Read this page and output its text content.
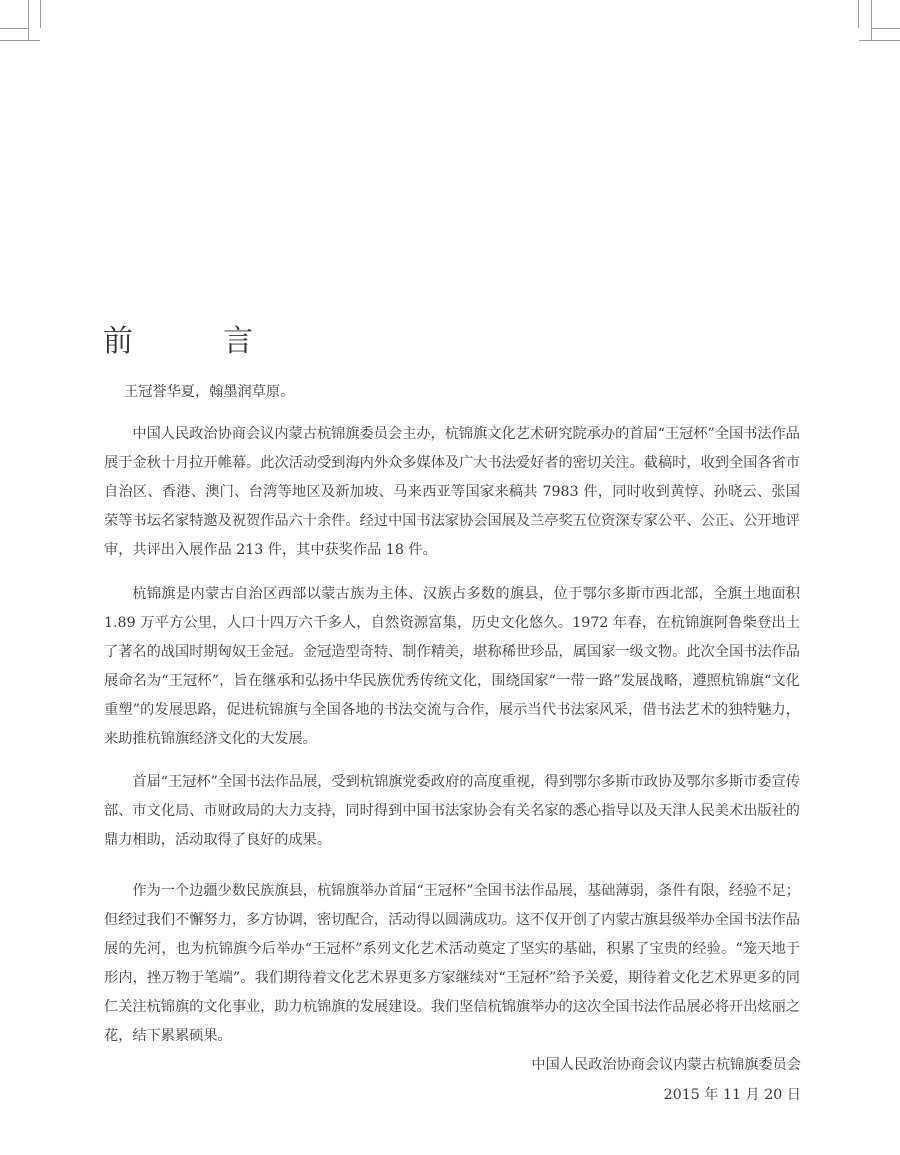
前　言

王冠誉华夏，翰墨润草原。

中国人民政治协商会议内蒙古杭锦旗委员会主办，杭锦旗文化艺术研究院承办的首届“王冠杯”全国书法作品展于金秋十月拉开帷幕。此次活动受到海内外众多媒体及广大书法爱好者的密切关注。截稿时，收到全国各省市自治区、香港、澳门、台湾等地区及新加坡、马来西亚等国家来稿共 7983 件，同时收到黄惇、孙晓云、张国荣等书坛名家特邀及祝贺作品六十余件。经过中国书法家协会国展及兰亭奖五位资深专家公平、公正、公开地评审，共评出入展作品 213 件，其中获奖作品 18 件。

杭锦旗是内蒙古自治区西部以蒙古族为主体、汉族占多数的旗县，位于鄂尔多斯市西北部，全旗土地面积 1.89 万平方公里，人口十四万六千多人，自然资源富集，历史文化悠久。1972 年春，在杭锦旗阿鲁柴登出土了著名的战国时期匈奴王金冠。金冠造型奇特、制作精美，堪称稀世珍品，属国家一级文物。此次全国书法作品展命名为“王冠杯”，旨在继承和弘扬中华民族优秀传统文化，围绕国家“一带一路”发展战略，遵照杭锦旗“文化重塑”的发展思路，促进杭锦旗与全国各地的书法交流与合作，展示当代书法家风采，借书法艺术的独特魅力，来助推杭锦旗经济文化的大发展。

首届“王冠杯”全国书法作品展，受到杭锦旗党委政府的高度重视，得到鄂尔多斯市政协及鄂尔多斯市委宣传部、市文化局、市财政局的大力支持，同时得到中国书法家协会有关名家的悉心指导以及天津人民美术出版社的鼎力相助，活动取得了良好的成果。

作为一个边疆少数民族旗县，杭锦旗举办首届“王冠杯”全国书法作品展，基础薄弱，条件有限，经验不足；但经过我们不懈努力，多方协调，密切配合，活动得以圆满成功。这不仅开创了内蒙古旗县级举办全国书法作品展的先河，也为杭锦旗今后举办“王冠杯”系列文化艺术活动奠定了坚实的基础，积累了宝贵的经验。“笼天地于形内，挫万物于笔端”。我们期待着文化艺术界更多方家继续对“王冠杯”给予关爱，期待着文化艺术界更多的同仁关注杭锦旗的文化事业，助力杭锦旗的发展建设。我们坚信杭锦旗举办的这次全国书法作品展必将开出炫丽之花，结下累累硕果。

中国人民政治协商会议内蒙古杭锦旗委员会

2015 年 11 月 20 日
